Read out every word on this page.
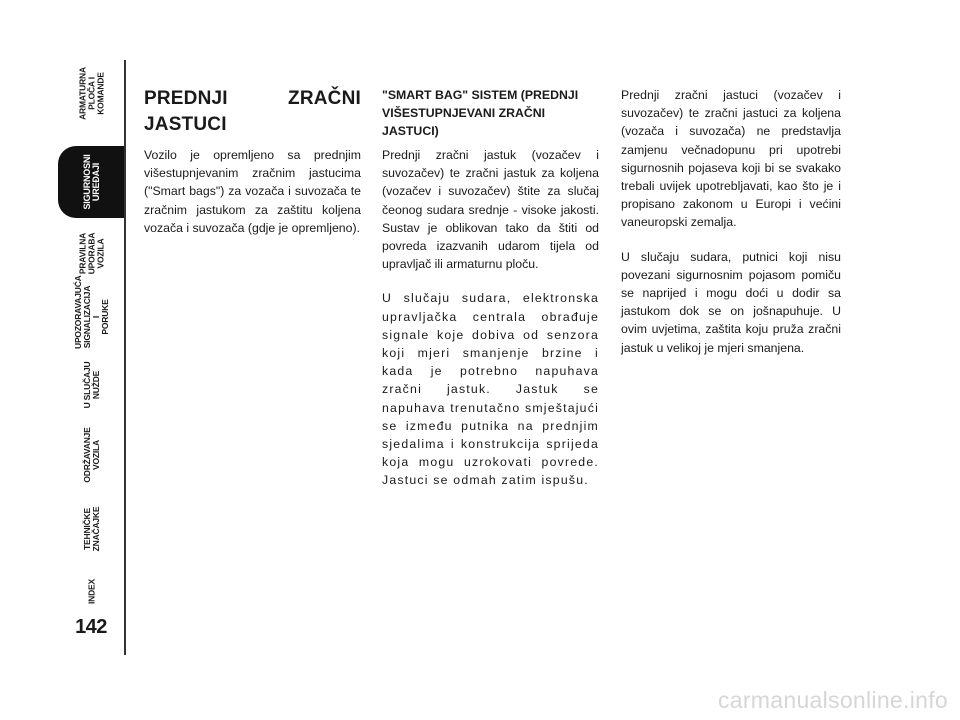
ARMATURNA
PLOČA I
KOMANDE
SIGURNOSNI
UREĐAJI
PRAVILNA
UPORABA
VOZILA
UPOZORAVAJUĆA
SIGNALIZACIJA I
PORUKE
U SLUČAJU
NUŽDE
ODRŽAVANJE
VOZILA
TEHNIČKE
ZNAČAJKE
INDEX
142
PREDNJI ZRAČNI JASTUCI

Vozilo je opremljeno sa prednjim višestupnjevanim zračnim jastucima ("Smart bags") za vozača i suvozača te zračnim jastukom za zaštitu koljena vozača i suvozača (gdje je opremljeno).

"SMART BAG" SISTEM (PREDNJI VIŠESTUPNJEVANI ZRAČNI JASTUCI)

Prednji zračni jastuk (vozačev i suvozačev) te zračni jastuk za koljena (vozačev i suvozačev) štite za slučaj čeonog sudara srednje - visoke jakosti. Sustav je oblikovan tako da štiti od povreda izazvanih udarom tijela od upravljač ili armaturnu ploču.

U slučaju sudara, elektronska upravljačka centrala obrađuje signale koje dobiva od senzora koji mjeri smanjenje brzine i kada je potrebno napuhava zračni jastuk. Jastuk se napuhava trenutačno smještajući se između putnika na prednjim sjedalima i konstrukcija sprijeda koja mogu uzrokovati povrede. Jastuci se odmah zatim ispušu.

Prednji zračni jastuci (vozačev i suvozačev) te zračni jastuci za koljena (vozača i suvozača) ne predstavlja zamjenu večnadopunu pri upotrebi sigurnosnih pojaseva koji bi se svakako trebali uvijek upotrebljavati, kao što je i propisano zakonom u Europi i većini vaneuropski zemalja.

U slučaju sudara, putnici koji nisu povezani sigurnosnim pojasom pomiču se naprijed i mogu doći u dodir sa jastukom dok se on jošnapuhuje. U ovim uvjetima, zaštita koju pruža zračni jastuk u velikoj je mjeri smanjena.

carmanualsonline.info
